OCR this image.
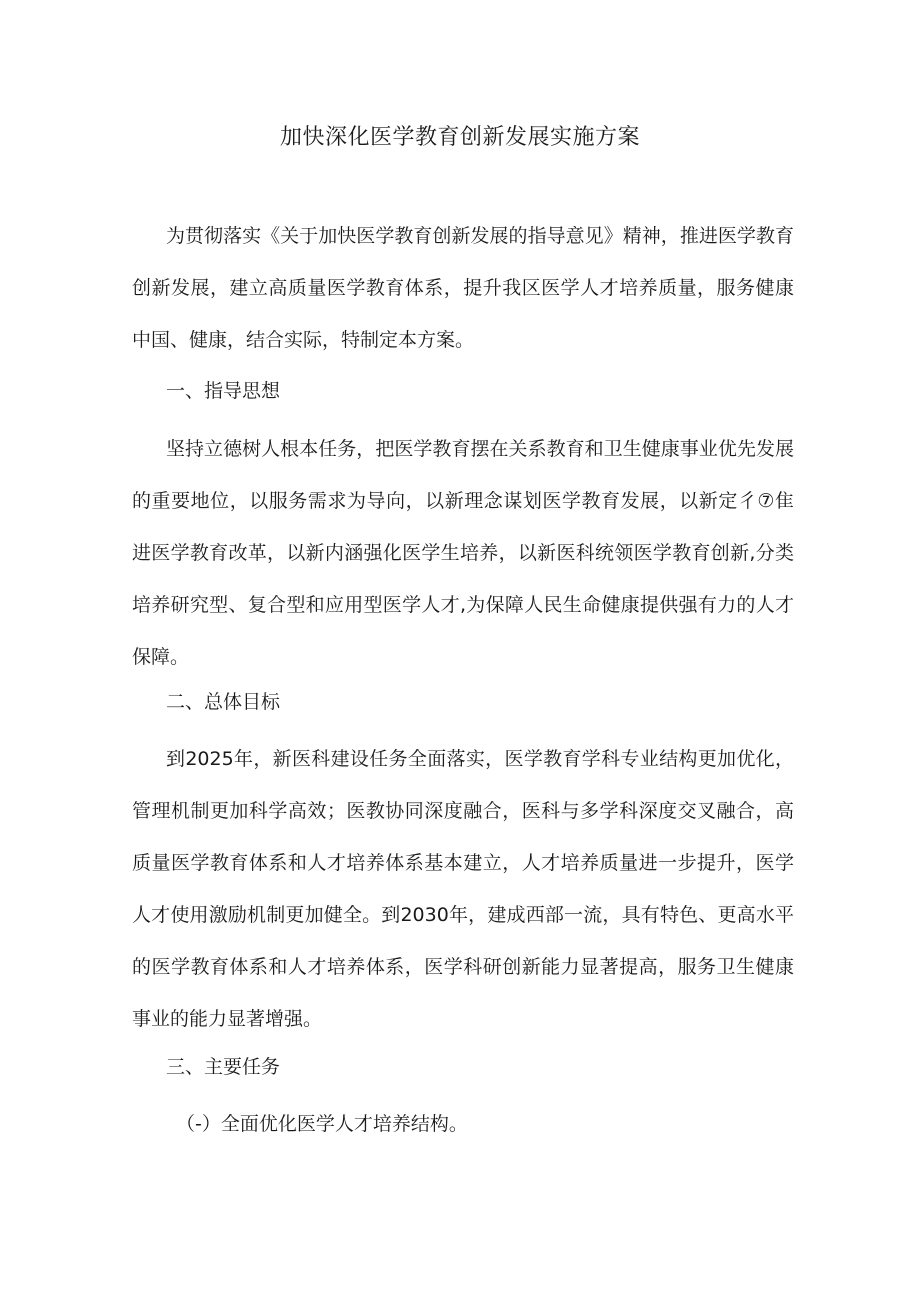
加快深化医学教育创新发展实施方案

为贯彻落实《关于加快医学教育创新发展的指导意见》精神，推进医学教育创新发展，建立高质量医学教育体系，提升我区医学人才培养质量，服务健康中国、健康，结合实际，特制定本方案。

一、指导思想

坚持立德树人根本任务，把医学教育摆在关系教育和卫生健康事业优先发展的重要地位，以服务需求为导向，以新理念谋划医学教育发展，以新定彳⑦隹进医学教育改革，以新内涵强化医学生培养，以新医科统领医学教育创新,分类培养研究型、复合型和应用型医学人才,为保障人民生命健康提供强有力的人才保障。

二、总体目标

到2025年，新医科建设任务全面落实，医学教育学科专业结构更加优化，管理机制更加科学高效；医教协同深度融合，医科与多学科深度交叉融合，高质量医学教育体系和人才培养体系基本建立，人才培养质量进一步提升，医学人才使用激励机制更加健全。到2030年，建成西部一流，具有特色、更高水平的医学教育体系和人才培养体系，医学科研创新能力显著提高，服务卫生健康事业的能力显著增强。

三、主要任务

（-）全面优化医学人才培养结构。
